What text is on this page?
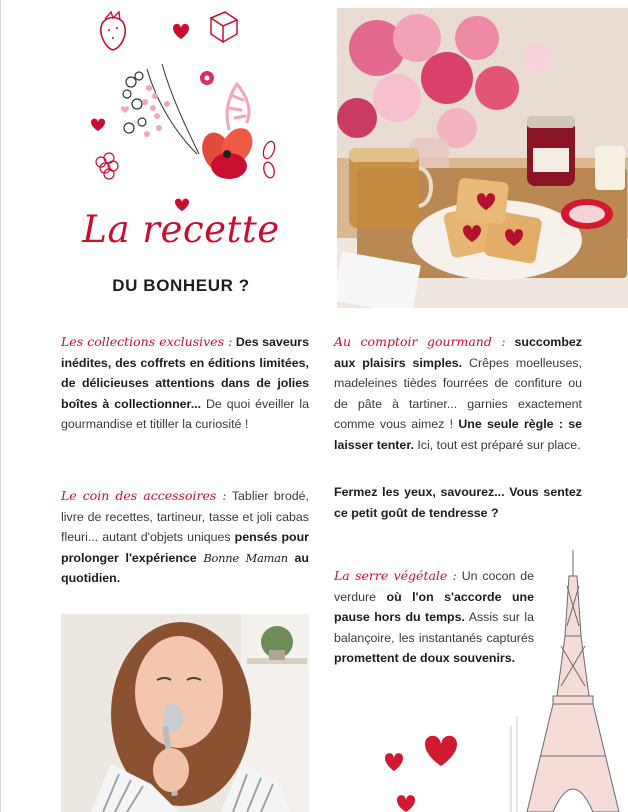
La recette
DU BONHEUR ?
Les collections exclusives : Des saveurs inédites, des coffrets en éditions limitées, de délicieuses attentions dans de jolies boîtes à collectionner... De quoi éveiller la gourmandise et titiller la curiosité !
Le coin des accessoires : Tablier brodé, livre de recettes, tartineur, tasse et joli cabas fleuri... autant d'objets uniques pensés pour prolonger l'expérience Bonne Maman au quotidien.
Au comptoir gourmand : succombez aux plaisirs simples. Crêpes moelleuses, madeleines tièdes fourrées de confiture ou de pâte à tartiner... garnies exactement comme vous aimez ! Une seule règle : se laisser tenter. Ici, tout est préparé sur place.
Fermez les yeux, savourez... Vous sentez ce petit goût de tendresse ?
La serre végétale : Un cocon de verdure où l'on s'accorde une pause hors du temps. Assis sur la balançoire, les instantanés capturés promettent de doux souvenirs.
